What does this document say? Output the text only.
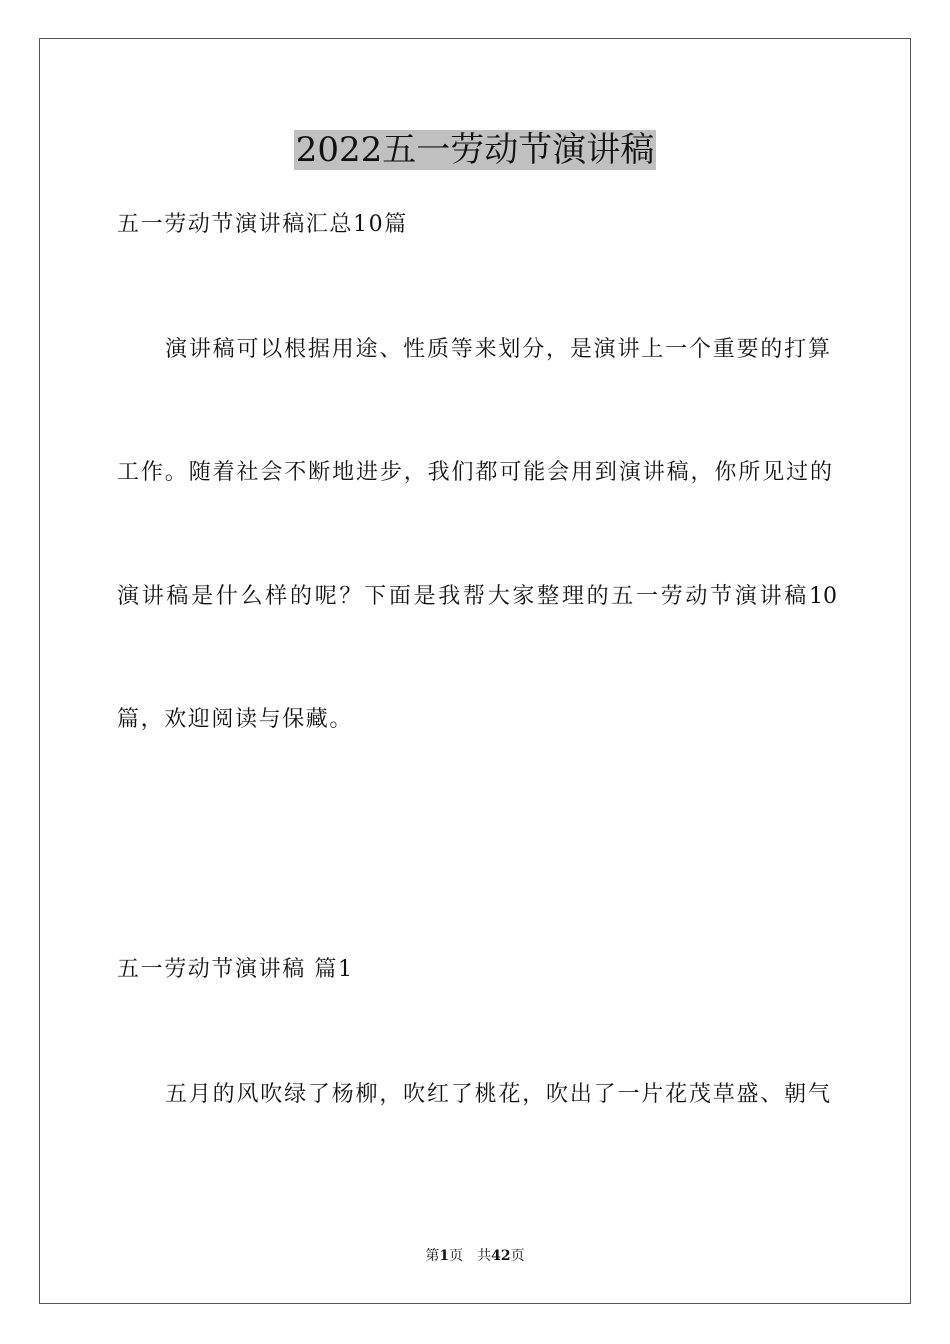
2022五一劳动节演讲稿
五一劳动节演讲稿汇总10篇
演讲稿可以根据用途、性质等来划分，是演讲上一个重要的打算
工作。随着社会不断地进步，我们都可能会用到演讲稿，你所见过的
演讲稿是什么样的呢？下面是我帮大家整理的五一劳动节演讲稿10
篇，欢迎阅读与保藏。
五一劳动节演讲稿 篇1
五月的风吹绿了杨柳，吹红了桃花，吹出了一片花茂草盛、朝气
第1页 共42页
